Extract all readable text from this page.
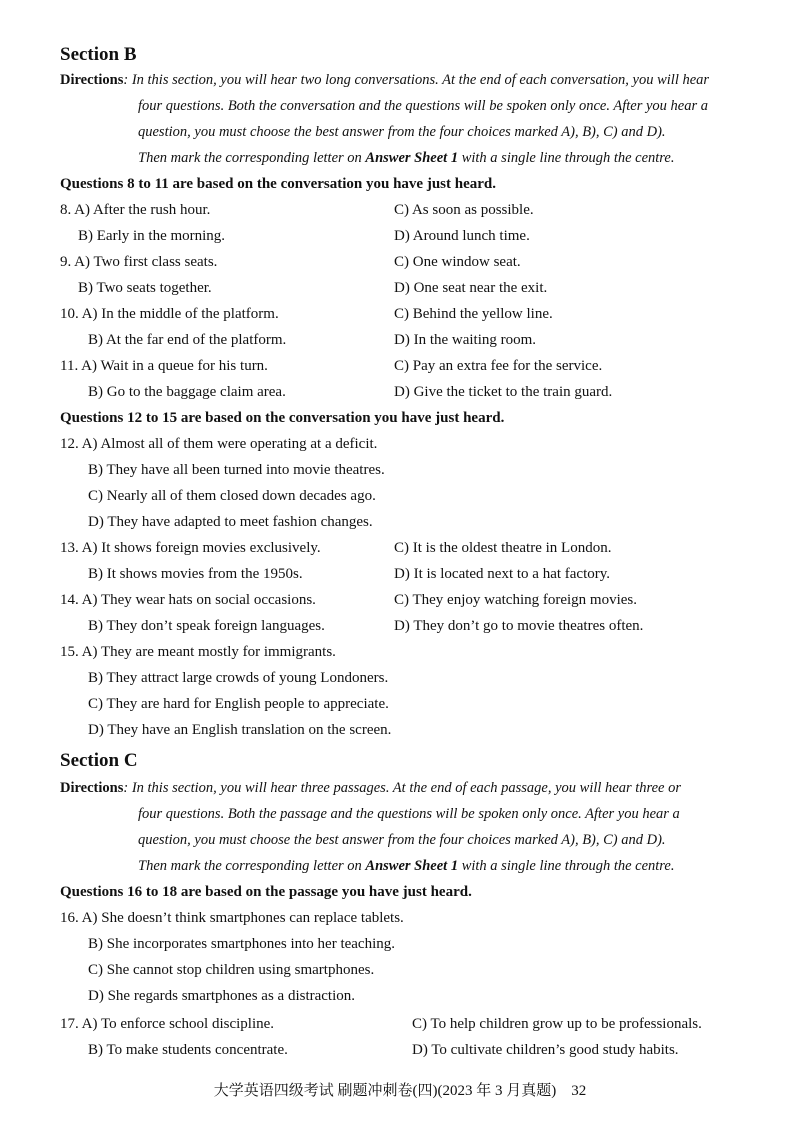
Section B
Directions: In this section, you will hear two long conversations. At the end of each conversation, you will hear
four questions. Both the conversation and the questions will be spoken only once. After you hear a
question, you must choose the best answer from the four choices marked A), B), C) and D).
Then mark the corresponding letter on Answer Sheet 1 with a single line through the centre.
Questions 8 to 11 are based on the conversation you have just heard.
8. A) After the rush hour.	C) As soon as possible.
B) Early in the morning.	D) Around lunch time.
9. A) Two first class seats.	C) One window seat.
B) Two seats together.	D) One seat near the exit.
10. A) In the middle of the platform.	C) Behind the yellow line.
B) At the far end of the platform.	D) In the waiting room.
11. A) Wait in a queue for his turn.	C) Pay an extra fee for the service.
B) Go to the baggage claim area.	D) Give the ticket to the train guard.
Questions 12 to 15 are based on the conversation you have just heard.
12. A) Almost all of them were operating at a deficit.
B) They have all been turned into movie theatres.
C) Nearly all of them closed down decades ago.
D) They have adapted to meet fashion changes.
13. A) It shows foreign movies exclusively.	C) It is the oldest theatre in London.
B) It shows movies from the 1950s.	D) It is located next to a hat factory.
14. A) They wear hats on social occasions.	C) They enjoy watching foreign movies.
B) They don’t speak foreign languages.	D) They don’t go to movie theatres often.
15. A) They are meant mostly for immigrants.
B) They attract large crowds of young Londoners.
C) They are hard for English people to appreciate.
D) They have an English translation on the screen.
Section C
Directions: In this section, you will hear three passages. At the end of each passage, you will hear three or
four questions. Both the passage and the questions will be spoken only once. After you hear a
question, you must choose the best answer from the four choices marked A), B), C) and D).
Then mark the corresponding letter on Answer Sheet 1 with a single line through the centre.
Questions 16 to 18 are based on the passage you have just heard.
16. A) She doesn’t think smartphones can replace tablets.
B) She incorporates smartphones into her teaching.
C) She cannot stop children using smartphones.
D) She regards smartphones as a distraction.
17. A) To enforce school discipline.	C) To help children grow up to be professionals.
B) To make students concentrate.	D) To cultivate children’s good study habits.
大学英语四级考试 刷题冲刺卷(四)(2023 年 3 月真题)　32
